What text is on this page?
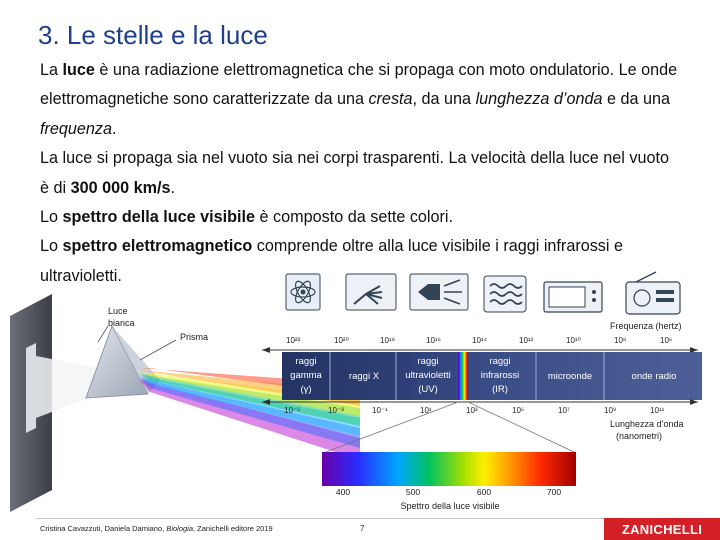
3. Le stelle e la luce

La luce è una radiazione elettromagnetica che si propaga con moto ondulatorio. Le onde elettromagnetiche sono caratterizzate da una cresta, da una lunghezza d’onda e da una frequenza.

La luce si propaga sia nel vuoto sia nei corpi trasparenti. La velocità della luce nel vuoto è di 300 000 km/s.

Lo spettro della luce visibile è composto da sette colori.

Lo spettro elettromagnetico comprende oltre alla luce visibile i raggi infrarossi e ultravioletti.

Luce
bianca
Prisma
Frequenza (hertz)
10²²	10²⁰	10¹⁸	10¹⁶	10¹⁴	10¹²	10¹⁰	10⁸	10⁶
raggi
gamma
(γ)
raggi X
raggi
ultravioletti
(UV)
raggi
infrarossi
(IR)
microonde	onde radio
10⁻⁵	10⁻³	10⁻¹	10¹	10³	10⁵	10⁷	10⁹	10¹¹
Lunghezza d’onda
(nanometri)
400	500	600	700
Spettro della luce visibile
Cristina Cavazzuti, Daniela Damiano, Biologia, Zanichelli editore 2019	7	ZANICHELLI
